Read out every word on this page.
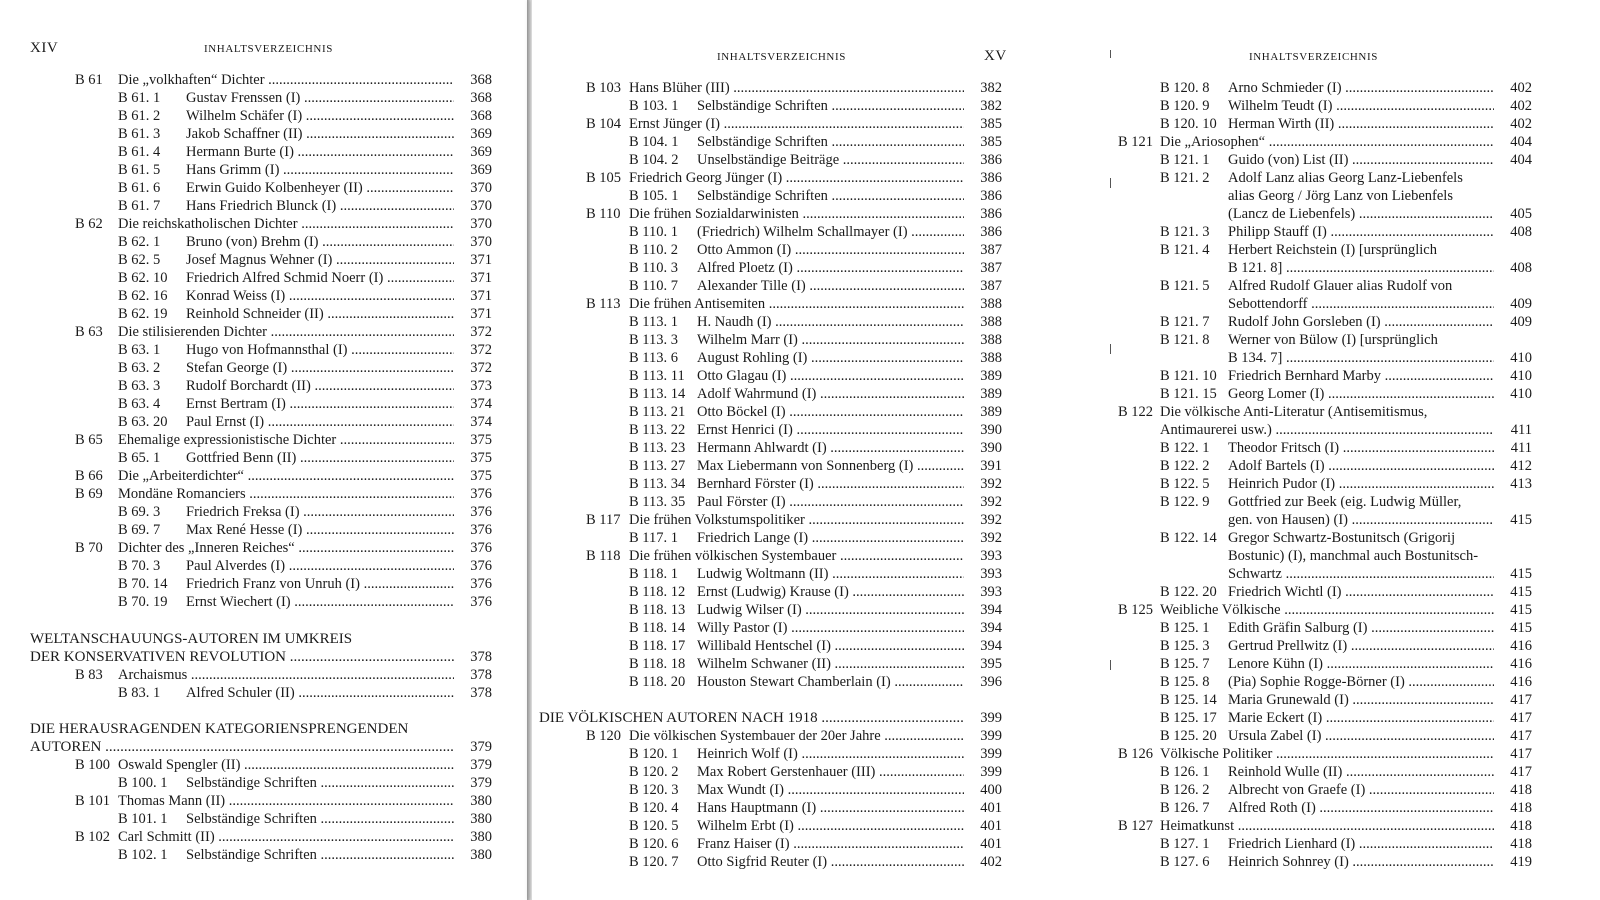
XIV	INHALTSVERZEICHNIS
B 61 Die „volkhaften“ Dichter .....	368
B 61. 1 Gustav Frenssen (I) .....	368
B 61. 2 Wilhelm Schäfer (I) .....	368
B 61. 3 Jakob Schaffner (II) .....	369
B 61. 4 Hermann Burte (I) .....	369
B 61. 5 Hans Grimm (I) .....	369
B 61. 6 Erwin Guido Kolbenheyer (II) .....	370
B 61. 7 Hans Friedrich Blunck (I) .....	370
B 62 Die reichskatholischen Dichter .....	370
B 62. 1 Bruno (von) Brehm (I) .....	370
B 62. 5 Josef Magnus Wehner (I) .....	371
B 62. 10 Friedrich Alfred Schmid Noerr (I) .....	371
B 62. 16 Konrad Weiss (I) .....	371
B 62. 19 Reinhold Schneider (II) .....	371
B 63 Die stilisierenden Dichter .....	372
B 63. 1 Hugo von Hofmannsthal (I) .....	372
B 63. 2 Stefan George (I) .....	372
B 63. 3 Rudolf Borchardt (II) .....	373
B 63. 4 Ernst Bertram (I) .....	374
B 63. 20 Paul Ernst (I) .....	374
B 65 Ehemalige expressionistische Dichter .....	375
B 65. 1 Gottfried Benn (II) .....	375
B 66 Die „Arbeiterdichter“ .....	375
B 69 Mondäne Romanciers .....	376
B 69. 3 Friedrich Freksa (I) .....	376
B 69. 7 Max René Hesse (I) .....	376
B 70 Dichter des „Inneren Reiches“ .....	376
B 70. 3 Paul Alverdes (I) .....	376
B 70. 14 Friedrich Franz von Unruh (I) .....	376
B 70. 19 Ernst Wiechert (I) .....	376
WELTANSCHAUUNGS-AUTOREN IM UMKREIS
DER KONSERVATIVEN REVOLUTION .....	378
B 83 Archaismus .....	378
B 83. 1 Alfred Schuler (II) .....	378
DIE HERAUSRAGENDEN KATEGORIENSPRENGENDEN
AUTOREN .....	379
B 100 Oswald Spengler (II) .....	379
B 100. 1 Selbständige Schriften .....	379
B 101 Thomas Mann (II) .....	380
B 101. 1 Selbständige Schriften .....	380
B 102 Carl Schmitt (II) .....	380
B 102. 1 Selbständige Schriften .....	380
INHALTSVERZEICHNIS	XV	INHALTSVERZEICHNIS
B 103 Hans Blüher (III) .....	382
B 103. 1 Selbständige Schriften .....	382
B 104 Ernst Jünger (I) .....	385
B 104. 1 Selbständige Schriften .....	385
B 104. 2 Unselbständige Beiträge .....	386
B 105 Friedrich Georg Jünger (I) .....	386
B 105. 1 Selbständige Schriften .....	386
B 110 Die frühen Sozialdarwinisten .....	386
B 110. 1 (Friedrich) Wilhelm Schallmayer (I) .....	386
B 110. 2 Otto Ammon (I) .....	387
B 110. 3 Alfred Ploetz (I) .....	387
B 110. 7 Alexander Tille (I) .....	387
B 113 Die frühen Antisemiten .....	388
B 113. 1 H. Naudh (I) .....	388
B 113. 3 Wilhelm Marr (I) .....	388
B 113. 6 August Rohling (I) .....	388
B 113. 11 Otto Glagau (I) .....	389
B 113. 14 Adolf Wahrmund (I) .....	389
B 113. 21 Otto Böckel (I) .....	389
B 113. 22 Ernst Henrici (I) .....	390
B 113. 23 Hermann Ahlwardt (I) .....	390
B 113. 27 Max Liebermann von Sonnenberg (I) .....	391
B 113. 34 Bernhard Förster (I) .....	392
B 113. 35 Paul Förster (I) .....	392
B 117 Die frühen Volkstumspolitiker .....	392
B 117. 1 Friedrich Lange (I) .....	392
B 118 Die frühen völkischen Systembauer .....	393
B 118. 1 Ludwig Woltmann (II) .....	393
B 118. 12 Ernst (Ludwig) Krause (I) .....	393
B 118. 13 Ludwig Wilser (I) .....	394
B 118. 14 Willy Pastor (I) .....	394
B 118. 17 Willibald Hentschel (I) .....	394
B 118. 18 Wilhelm Schwaner (II) .....	395
B 118. 20 Houston Stewart Chamberlain (I) .....	396
DIE VÖLKISCHEN AUTOREN NACH 1918 .....	399
B 120 Die völkischen Systembauer der 20er Jahre .....	399
B 120. 1 Heinrich Wolf (I) .....	399
B 120. 2 Max Robert Gerstenhauer (III) .....	399
B 120. 3 Max Wundt (I) .....	400
B 120. 4 Hans Hauptmann (I) .....	401
B 120. 5 Wilhelm Erbt (I) .....	401
B 120. 6 Franz Haiser (I) .....	401
B 120. 7 Otto Sigfrid Reuter (I) .....	402
B 120. 8 Arno Schmieder (I) .....	402
B 120. 9 Wilhelm Teudt (I) .....	402
B 120. 10 Herman Wirth (II) .....	402
B 121 Die „Ariosophen“ .....	404
B 121. 1 Guido (von) List (II) .....	404
B 121. 2 Adolf Lanz alias Georg Lanz-Liebenfels
alias Georg / Jörg Lanz von Liebenfels
(Lancz de Liebenfels) .....	405
B 121. 3 Philipp Stauff (I) .....	408
B 121. 4 Herbert Reichstein (I) [ursprünglich
B 121. 8] .....	408
B 121. 5 Alfred Rudolf Glauer alias Rudolf von
Sebottendorff .....	409
B 121. 7 Rudolf John Gorsleben (I) .....	409
B 121. 8 Werner von Bülow (I) [ursprünglich
B 134. 7] .....	410
B 121. 10 Friedrich Bernhard Marby .....	410
B 121. 15 Georg Lomer (I) .....	410
B 122 Die völkische Anti-Literatur (Antisemitismus,
Antimaurerei usw.) .....	411
B 122. 1 Theodor Fritsch (I) .....	411
B 122. 2 Adolf Bartels (I) .....	412
B 122. 5 Heinrich Pudor (I) .....	413
B 122. 9 Gottfried zur Beek (eig. Ludwig Müller,
gen. von Hausen) (I) .....	415
B 122. 14 Gregor Schwartz-Bostunitsch (Grigorij
Bostunic) (I), manchmal auch Bostunitsch-
Schwartz .....	415
B 122. 20 Friedrich Wichtl (I) .....	415
B 125 Weibliche Völkische .....	415
B 125. 1 Edith Gräfin Salburg (I) .....	415
B 125. 3 Gertrud Prellwitz (I) .....	416
B 125. 7 Lenore Kühn (I) .....	416
B 125. 8 (Pia) Sophie Rogge-Börner (I) .....	416
B 125. 14 Maria Grunewald (I) .....	417
B 125. 17 Marie Eckert (I) .....	417
B 125. 20 Ursula Zabel (I) .....	417
B 126 Völkische Politiker .....	417
B 126. 1 Reinhold Wulle (II) .....	417
B 126. 2 Albrecht von Graefe (I) .....	418
B 126. 7 Alfred Roth (I) .....	418
B 127 Heimatkunst .....	418
B 127. 1 Friedrich Lienhard (I) .....	418
B 127. 6 Heinrich Sohnrey (I) .....	419
